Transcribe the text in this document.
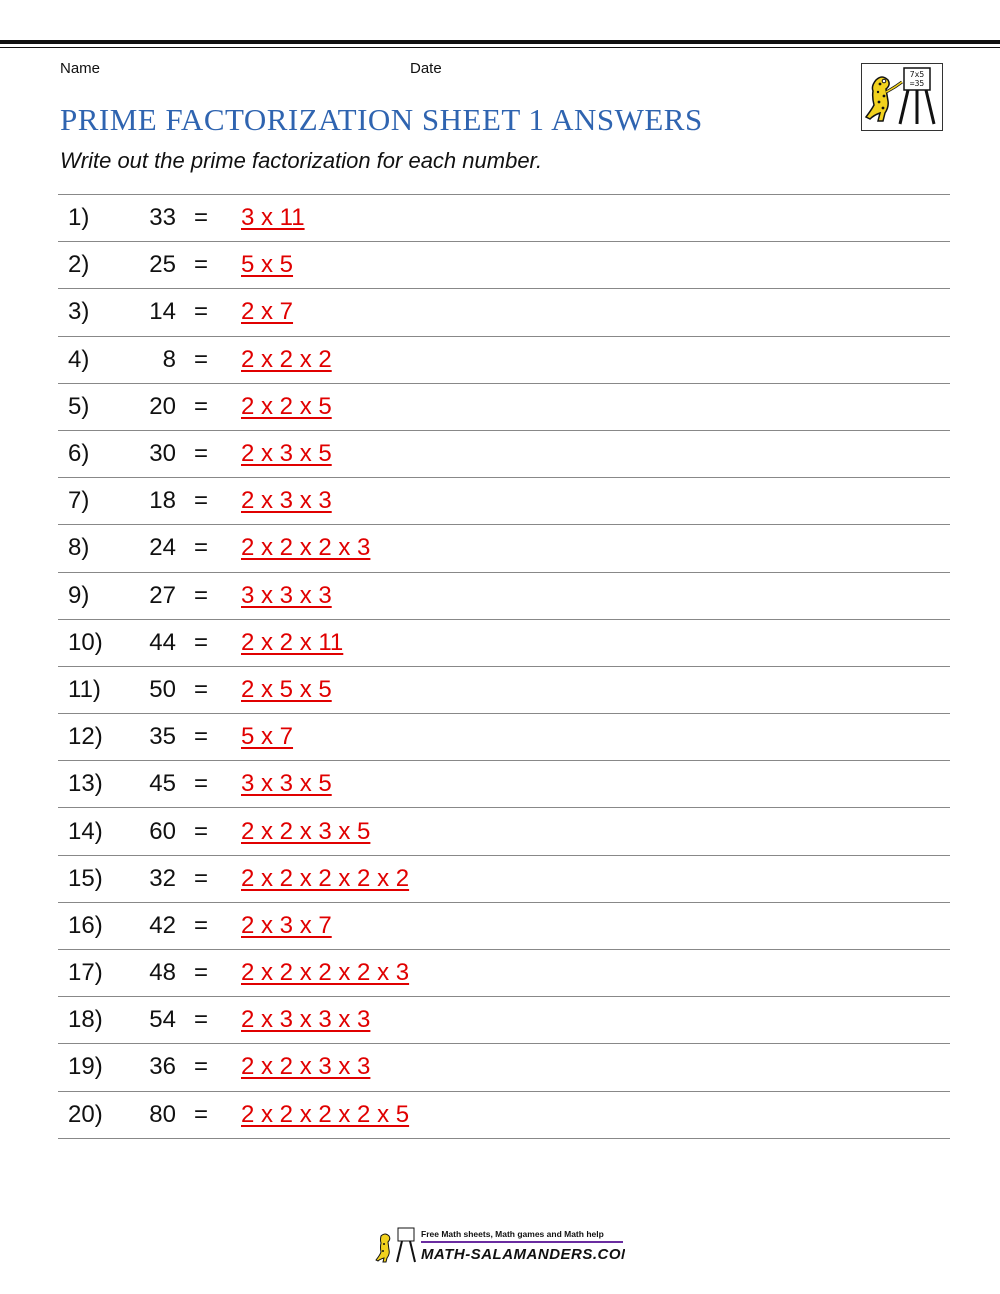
Name	Date	7x5
=35
PRIME FACTORIZATION SHEET 1 ANSWERS
Write out the prime factorization for each number.
1)	33 = 3 x 11
2)	25 = 5 x 5
3)	14 = 2 x 7
4)	8 = 2 x 2 x 2
5)	20 = 2 x 2 x 5
6)	30 = 2 x 3 x 5
7)	18 = 2 x 3 x 3
8)	24 = 2 x 2 x 2 x 3
9)	27 = 3 x 3 x 3
10)	44 = 2 x 2 x 11
11)	50 = 2 x 5 x 5
12)	35 = 5 x 7
13)	45 = 3 x 3 x 5
14)	60 = 2 x 2 x 3 x 5
15)	32 = 2 x 2 x 2 x 2 x 2
16)	42 = 2 x 3 x 7
17)	48 = 2 x 2 x 2 x 2 x 3
18)	54 = 2 x 3 x 3 x 3
19)	36 = 2 x 2 x 3 x 3
20)	80 = 2 x 2 x 2 x 2 x 5
Free Math sheets, Math games and Math help
MATH-SALAMANDERS.COM
